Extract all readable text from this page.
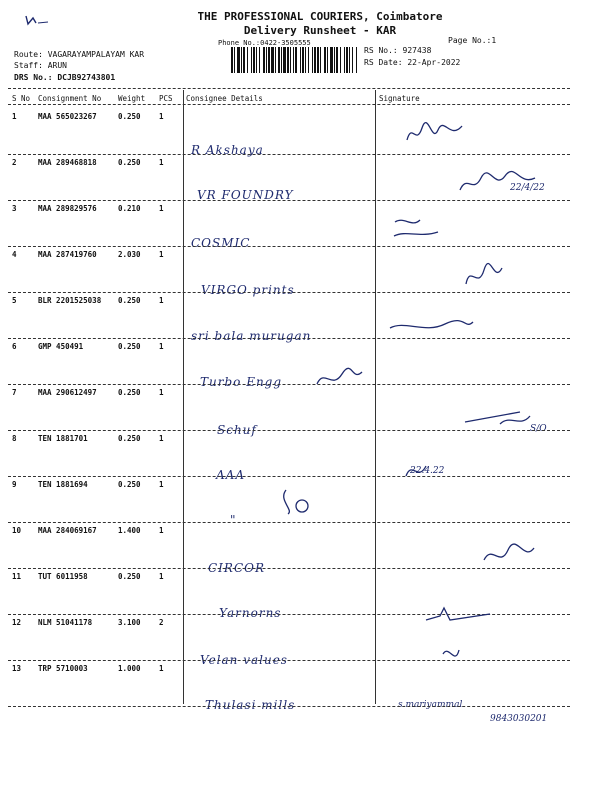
THE PROFESSIONAL COURIERS, Coimbatore
Delivery Runsheet - KAR
Phone No.:0422-3505555	Page No.:1
Route: VAGARAYAMPALAYAM KAR
Staff: ARUN
DRS No.: DCJB92743801
RS No.: 927438
RS Date: 22-Apr-2022
S No Consignment No Weight PCS Consignee Details	Signature
1	MAA 565023267	0.250 1
R Akshaya
2	MAA 289468818	0.250 1
VR FOUNDRY	22/4/22
3	MAA 289829576	0.210 1
COSMIC
4	MAA 287419760	2.030 1
VIRGO prints
5	BLR 2201525038 0.250 1
sri bala murugan
6	GMP 450491	0.250 1
Turbo Engg
7	MAA 290612497	0.250 1
Schuf	S/O
8	TEN 1881701	0.250 1
AAA	22.4.22
9	TEN 1881694	0.250 1
"
10 MAA 284069167	1.400 1
CIRCOR
11 TUT 6011958	0.250 1
Yarnorns
12 NLM 51041178	3.100 2
Velan values
13 TRP 5710003	1.000 1
Thulasi mills	s.mariyammal
9843030201
